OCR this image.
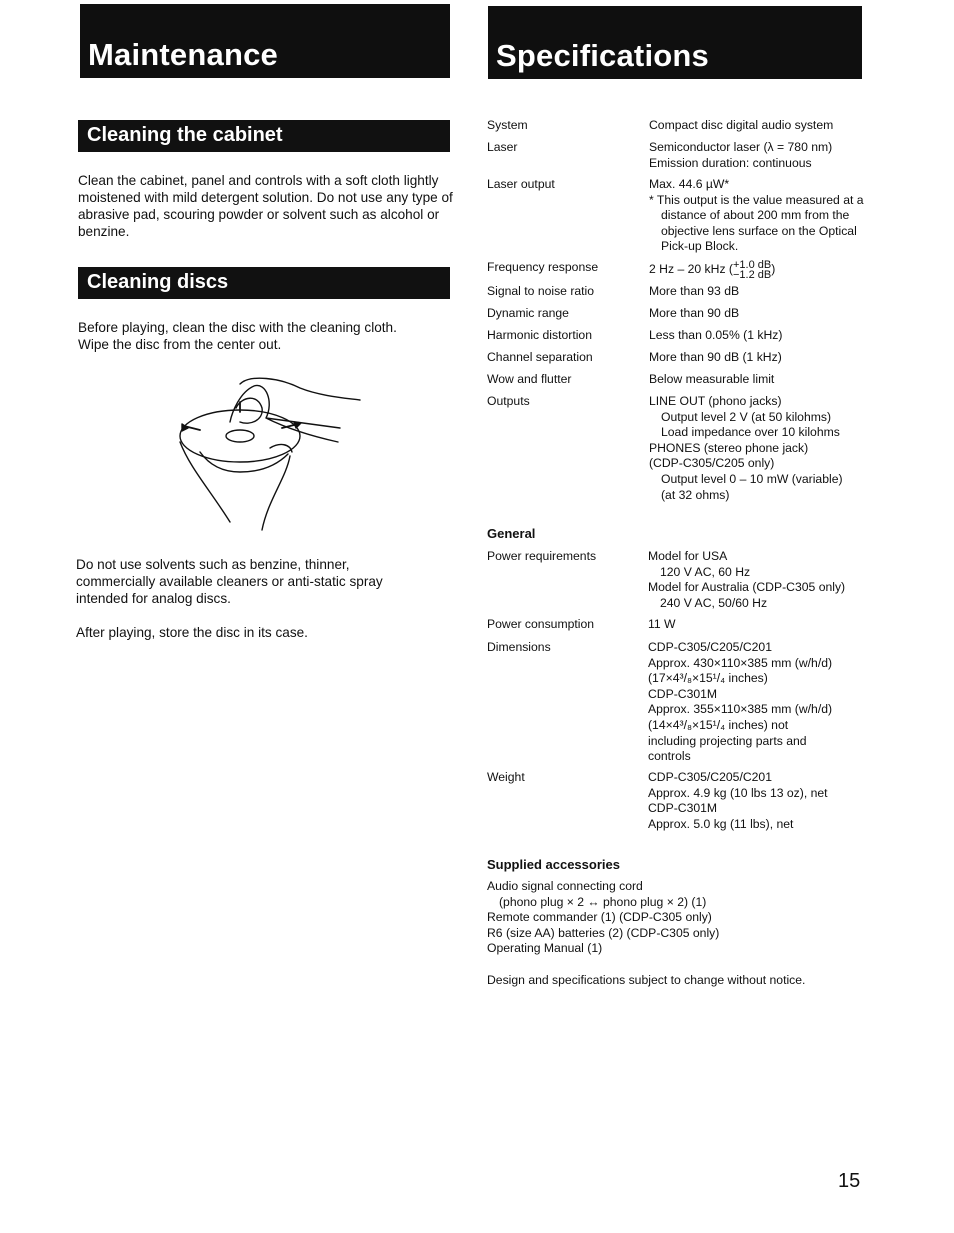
Maintenance
Cleaning the cabinet

Clean the cabinet, panel and controls with a soft cloth lightly moistened with mild detergent solution. Do not use any type of abrasive pad, scouring powder or solvent such as alcohol or benzine.

Cleaning discs

Before playing, clean the disc with the cleaning cloth. Wipe the disc from the center out.

Do not use solvents such as benzine, thinner, commercially available cleaners or anti-static spray intended for analog discs.

After playing, store the disc in its case.

Specifications
System	Compact disc digital audio system
Laser	Semiconductor laser (λ = 780 nm)
Emission duration: continuous
Laser output	Max. 44.6 µW*
* This output is the value measured at a distance of about 200 mm from the objective lens surface on the Optical Pick-up Block.
Frequency response	2 Hz – 20 kHz ( +1.0 dB
−1.2 dB )
Signal to noise ratio	More than 93 dB
Dynamic range	More than 90 dB
Harmonic distortion	Less than 0.05% (1 kHz)
Channel separation	More than 90 dB (1 kHz)
Wow and flutter	Below measurable limit
Outputs	LINE OUT (phono jacks)
Output level 2 V (at 50 kilohms)
Load impedance over 10 kilohms
PHONES (stereo phone jack)
(CDP-C305/C205 only)
Output level 0 – 10 mW (variable)
(at 32 ohms)
General
Power requirements	Model for USA
120 V AC, 60 Hz
Model for Australia (CDP-C305 only)
240 V AC, 50/60 Hz
Power consumption	11 W
Dimensions	CDP-C305/C205/C201
Approx. 430×110×385 mm (w/h/d)
(17×4³/₈×15¹/₄ inches)
CDP-C301M
Approx. 355×110×385 mm (w/h/d)
(14×4³/₈×15¹/₄ inches) not
including projecting parts and
controls
Weight	CDP-C305/C205/C201
Approx. 4.9 kg (10 lbs 13 oz), net
CDP-C301M
Approx. 5.0 kg (11 lbs), net
Supplied accessories
Audio signal connecting cord
(phono plug × 2 ↔ phono plug × 2) (1)
Remote commander (1) (CDP-C305 only)
R6 (size AA) batteries (2) (CDP-C305 only)
Operating Manual (1)
Design and specifications subject to change without notice.
15
